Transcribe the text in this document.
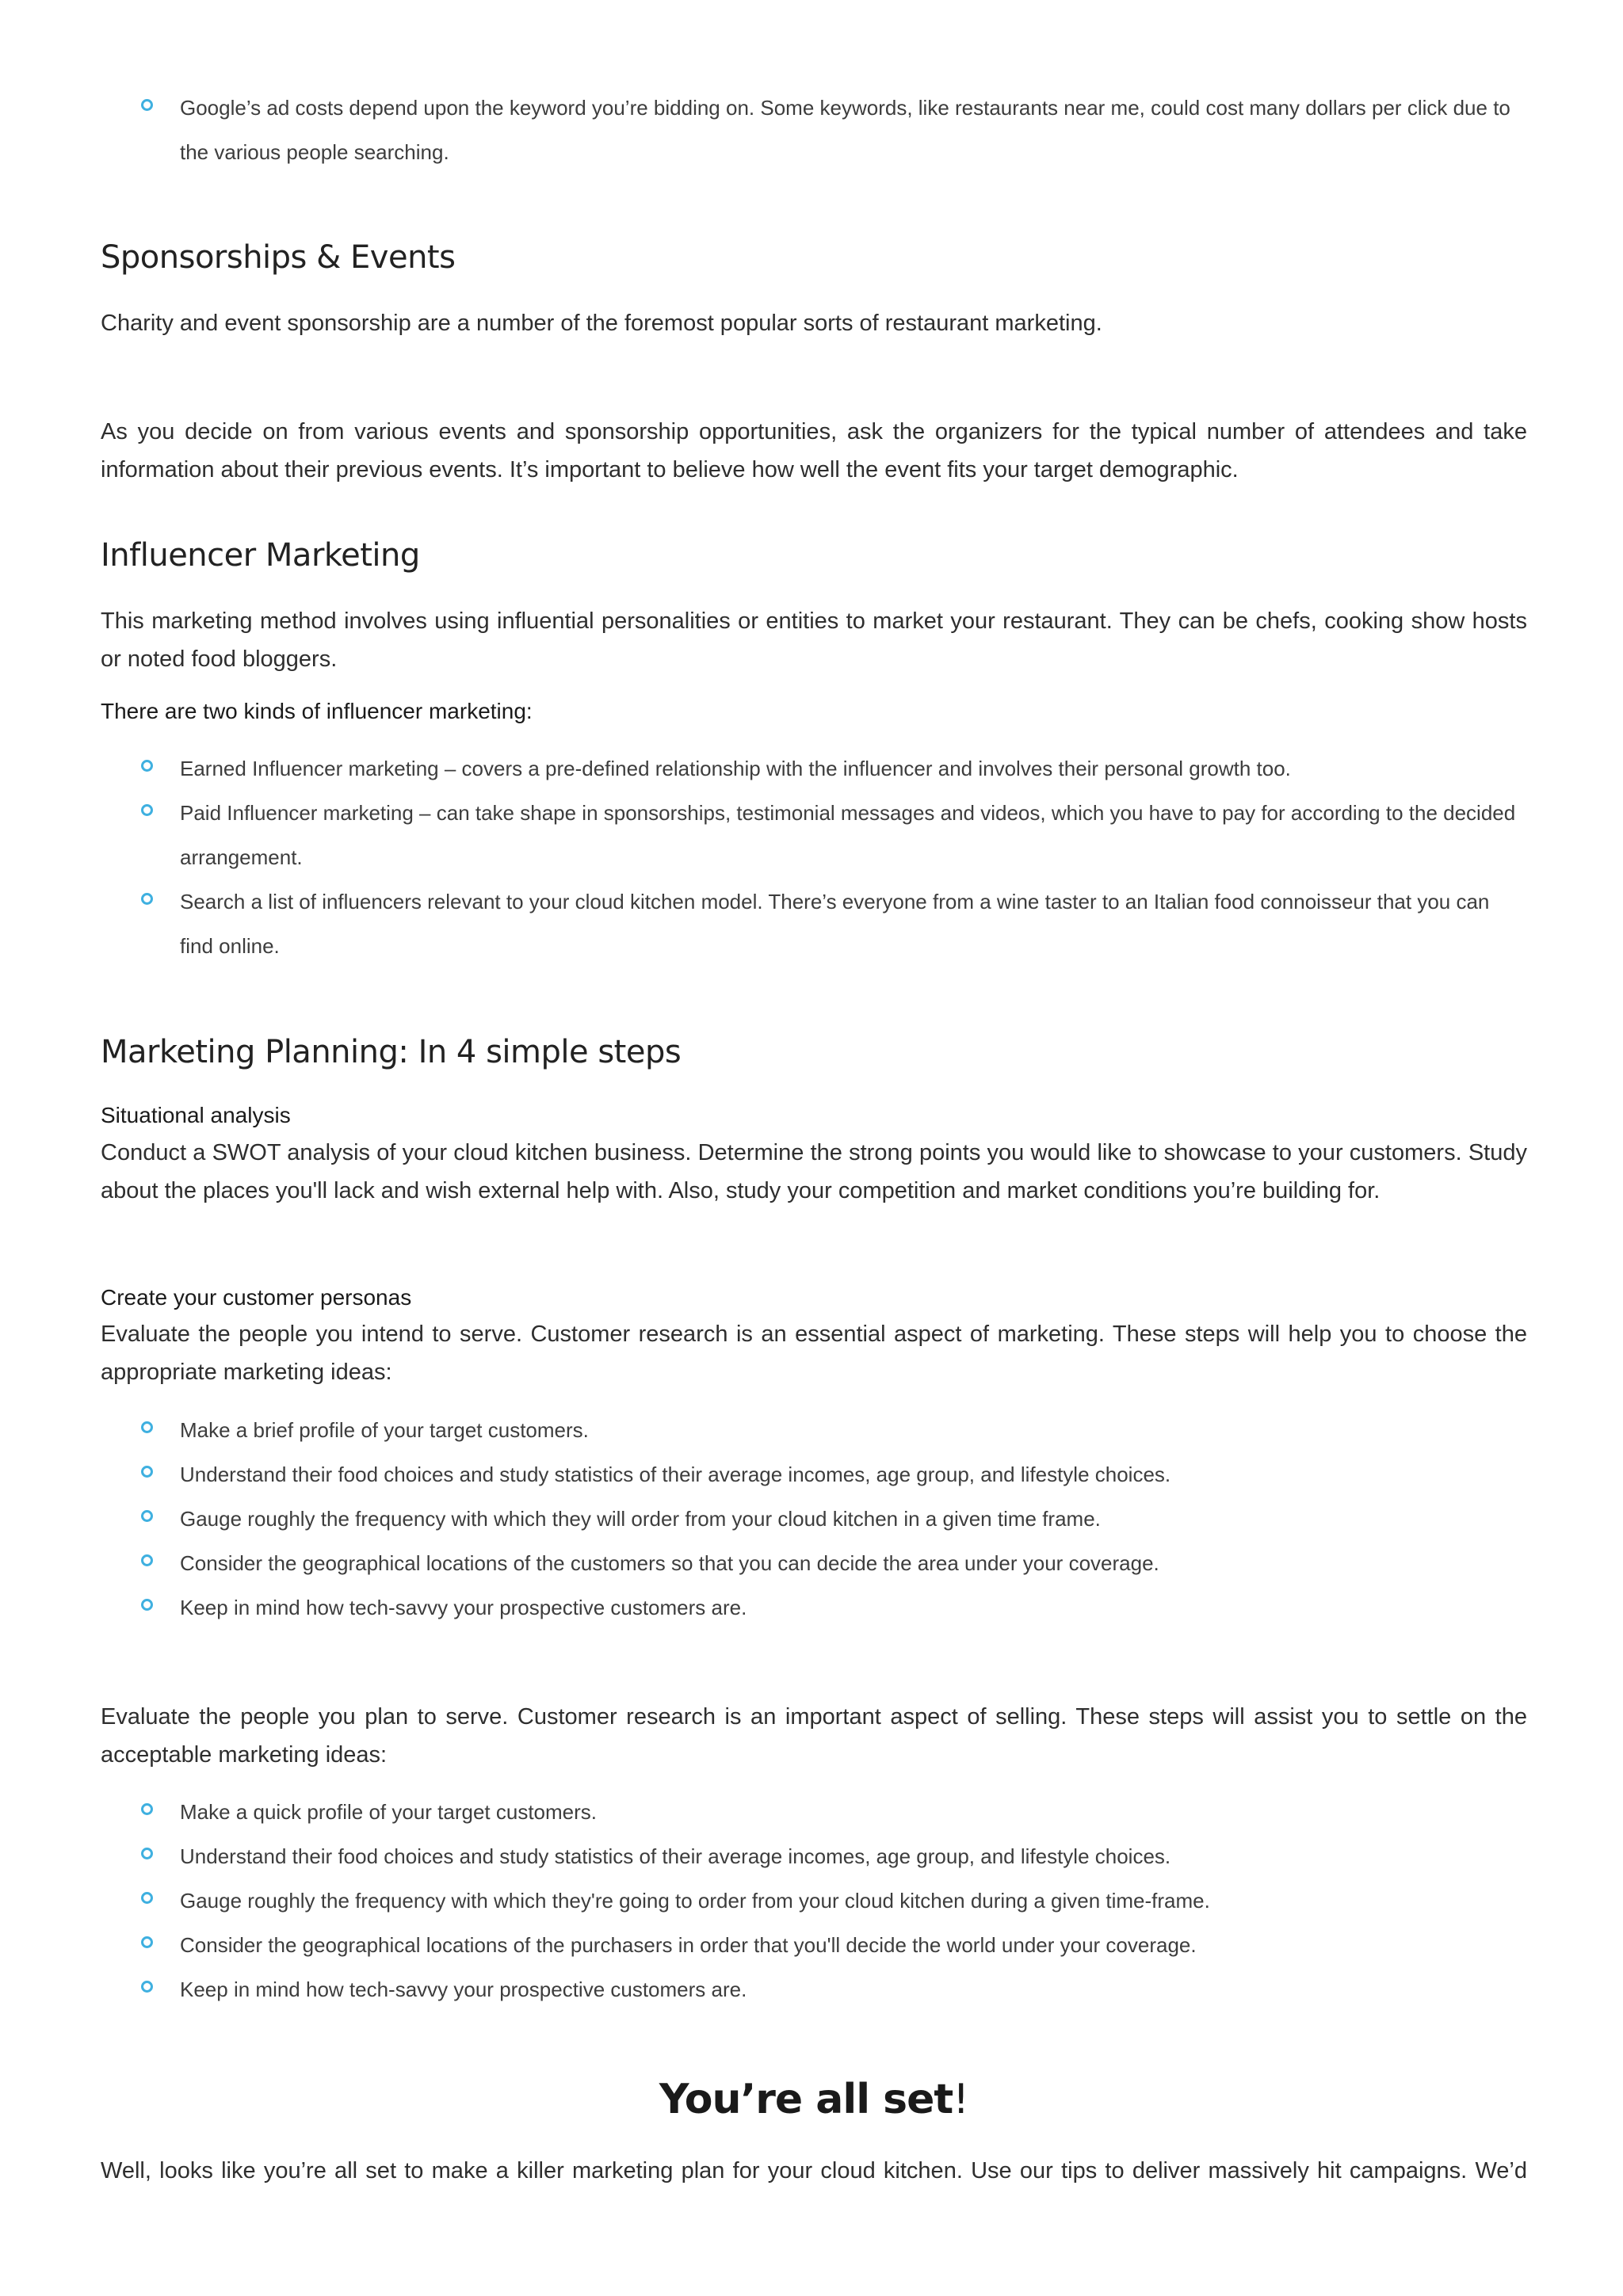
Google’s ad costs depend upon the keyword you’re bidding on. Some keywords, like restaurants near me, could cost many dollars per click due to the various people searching.
Sponsorships & Events

Charity and event sponsorship are a number of the foremost popular sorts of restaurant marketing.

As you decide on from various events and sponsorship opportunities, ask the organizers for the typical number of attendees and take information about their previous events. It’s important to believe how well the event fits your target demographic.

Influencer Marketing

This marketing method involves using influential personalities or entities to market your restaurant. They can be chefs, cooking show hosts or noted food bloggers.

There are two kinds of influencer marketing:

Earned Influencer marketing – covers a pre-defined relationship with the influencer and involves their personal growth too.
Paid Influencer marketing – can take shape in sponsorships, testimonial messages and videos, which you have to pay for according to the decided arrangement.
Search a list of influencers relevant to your cloud kitchen model. There’s everyone from a wine taster to an Italian food connoisseur that you can find online.
Marketing Planning: In 4 simple steps

Situational analysis

Conduct a SWOT analysis of your cloud kitchen business. Determine the strong points you would like to showcase to your customers. Study about the places you'll lack and wish external help with. Also, study your competition and market conditions you’re building for.

Create your customer personas

Evaluate the people you intend to serve. Customer research is an essential aspect of marketing. These steps will help you to choose the appropriate marketing ideas:

Make a brief profile of your target customers.
Understand their food choices and study statistics of their average incomes, age group, and lifestyle choices.
Gauge roughly the frequency with which they will order from your cloud kitchen in a given time frame.
Consider the geographical locations of the customers so that you can decide the area under your coverage.
Keep in mind how tech-savvy your prospective customers are.

Evaluate the people you plan to serve. Customer research is an important aspect of selling. These steps will assist you to settle on the acceptable marketing ideas:

Make a quick profile of your target customers.
Understand their food choices and study statistics of their average incomes, age group, and lifestyle choices.
Gauge roughly the frequency with which they're going to order from your cloud kitchen during a given time-frame.
Consider the geographical locations of the purchasers in order that you'll decide the world under your coverage.
Keep in mind how tech-savvy your prospective customers are.
You’re all set!

Well, looks like you’re all set to make a killer marketing plan for your cloud kitchen. Use our tips to deliver massively hit campaigns. We’d
